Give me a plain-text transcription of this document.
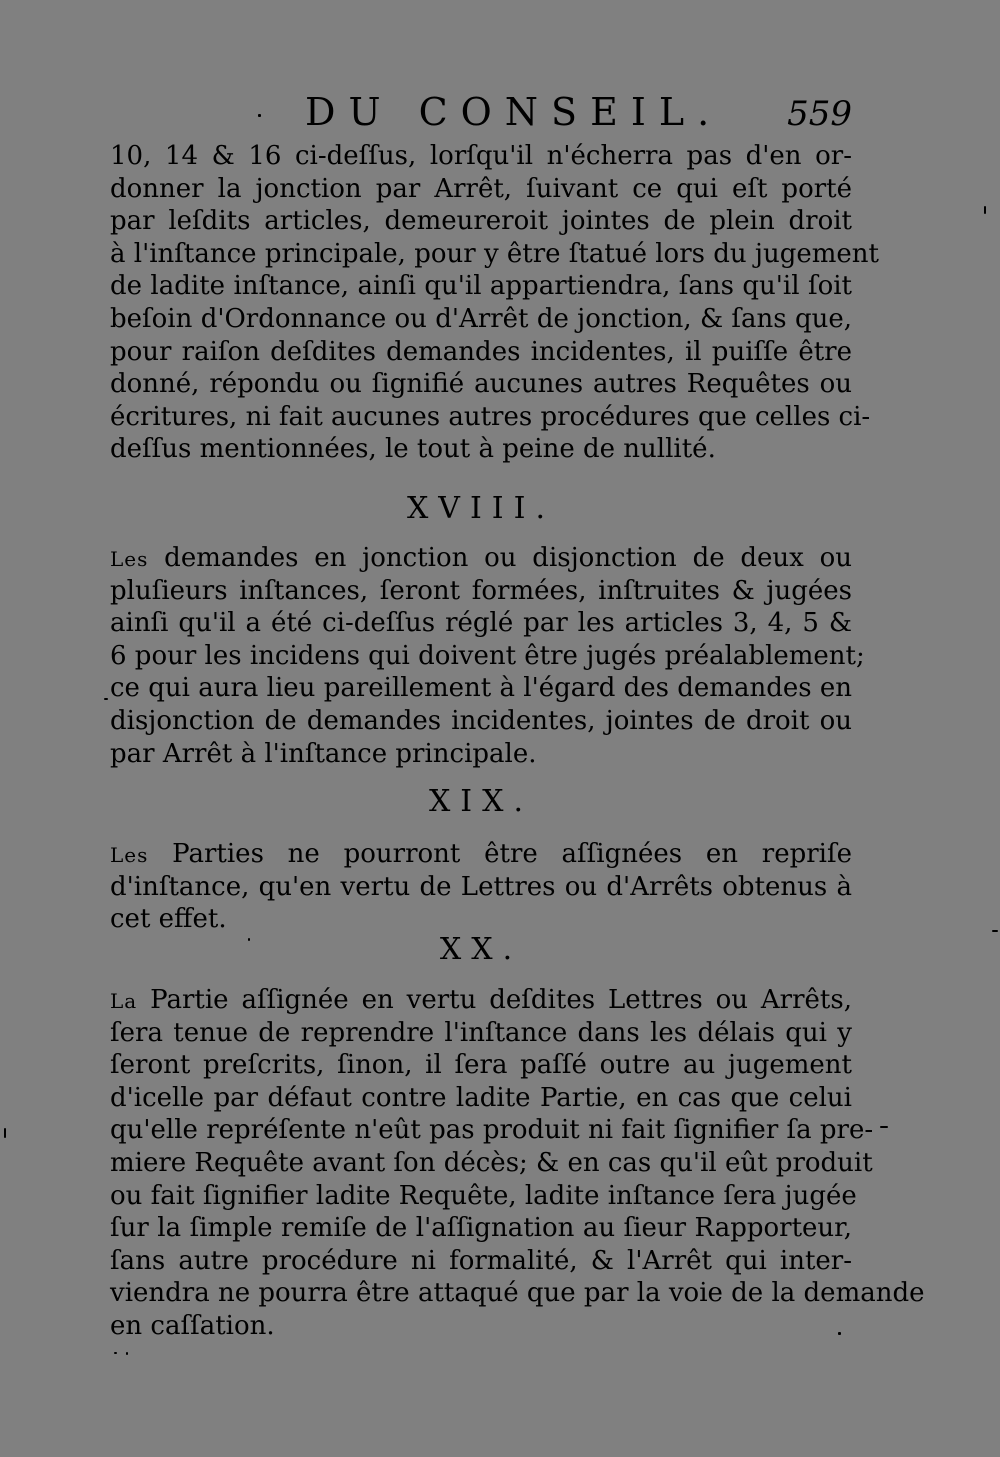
DU CONSEIL. 559
10, 14 & 16 ci-deſſus, lorſqu'il n'écherra pas d'en or-
donner la jonction par Arrêt, ſuivant ce qui eſt porté
par leſdits articles, demeureroit jointes de plein droit
à l'inſtance principale, pour y être ſtatué lors du jugement
de ladite inſtance, ainſi qu'il appartiendra, ſans qu'il ſoit
beſoin d'Ordonnance ou d'Arrêt de jonction, & ſans que,
pour raiſon deſdites demandes incidentes, il puiſſe être
donné, répondu ou ſignifié aucunes autres Requêtes ou
écritures, ni fait aucunes autres procédures que celles ci-
deſſus mentionnées, le tout à peine de nullité.
XVIII.
Les demandes en jonction ou disjonction de deux ou
pluſieurs inſtances, ſeront formées, inſtruites & jugées
ainſi qu'il a été ci-deſſus réglé par les articles 3, 4, 5 &
6 pour les incidens qui doivent être jugés préalablement;
ce qui aura lieu pareillement à l'égard des demandes en
disjonction de demandes incidentes, jointes de droit ou
par Arrêt à l'inſtance principale.
XIX.
Les Parties ne pourront être aſſignées en repriſe
d'inſtance, qu'en vertu de Lettres ou d'Arrêts obtenus à
cet effet.
XX.
La Partie aſſignée en vertu deſdites Lettres ou Arrêts,
ſera tenue de reprendre l'inſtance dans les délais qui y
ſeront preſcrits, ſinon, il ſera paſſé outre au jugement
d'icelle par défaut contre ladite Partie, en cas que celui
qu'elle repréſente n'eût pas produit ni fait ſignifier ſa pre-
miere Requête avant ſon décès; & en cas qu'il eût produit
ou fait ſignifier ladite Requête, ladite inſtance ſera jugée
ſur la ſimple remiſe de l'aſſignation au ſieur Rapporteur,
ſans autre procédure ni formalité, & l'Arrêt qui inter-
viendra ne pourra être attaqué que par la voie de la demande
en caſſation.
